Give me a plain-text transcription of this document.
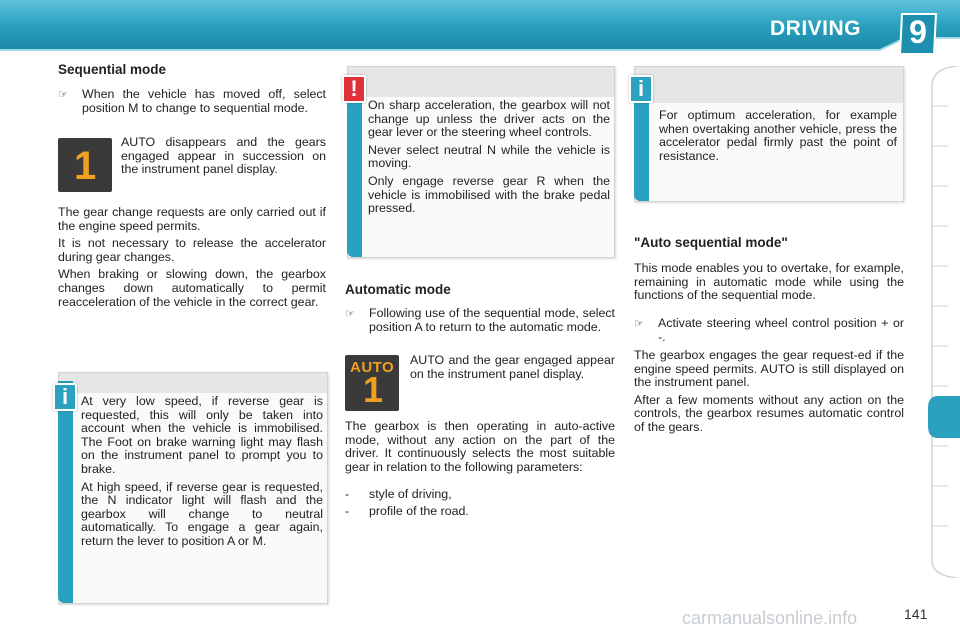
DRIVING	9
Sequential mode
☞ When the vehicle has moved off, select position M to change to sequential mode.
1
AUTO disappears and the gears engaged appear in succession on the instrument panel display.

The gear change requests are only carried out if the engine speed permits.

It is not necessary to release the accelerator during gear changes.

When braking or slowing down, the gearbox changes down automatically to permit reacceleration of the vehicle in the correct gear.

i	At very low speed, if reverse gear is requested, this will only be taken into account when the vehicle is immobilised. The Foot on brake warning light may flash on the instrument panel to prompt you to brake.

At high speed, if reverse gear is requested, the N indicator light will flash and the gearbox will change to neutral automatically. To engage a gear again, return the lever to position A or M.

!

On sharp acceleration, the gearbox will not change up unless the driver acts on the gear lever or the steering wheel controls.

Never select neutral N while the vehicle is moving.

Only engage reverse gear R when the vehicle is immobilised with the brake pedal pressed.

Automatic mode
☞ Following use of the sequential mode, select position A to return to the automatic mode.
AUTO
1
AUTO and the gear engaged appear on the instrument panel display.
The gearbox is then operating in auto-active mode, without any action on the part of the driver. It continuously selects the most suitable gear in relation to the following parameters:
- style of driving,
- profile of the road.
i
For optimum acceleration, for example when overtaking another vehicle, press the accelerator pedal firmly past the point of resistance.
"Auto sequential mode"
This mode enables you to overtake, for example, remaining in automatic mode while using the functions of the sequential mode.
☞ Activate steering wheel control position + or -.

The gearbox engages the gear request-ed if the engine speed permits. AUTO is still displayed on the instrument panel.

After a few moments without any action on the controls, the gearbox resumes automatic control of the gears.

carmanualsonline.info	141
